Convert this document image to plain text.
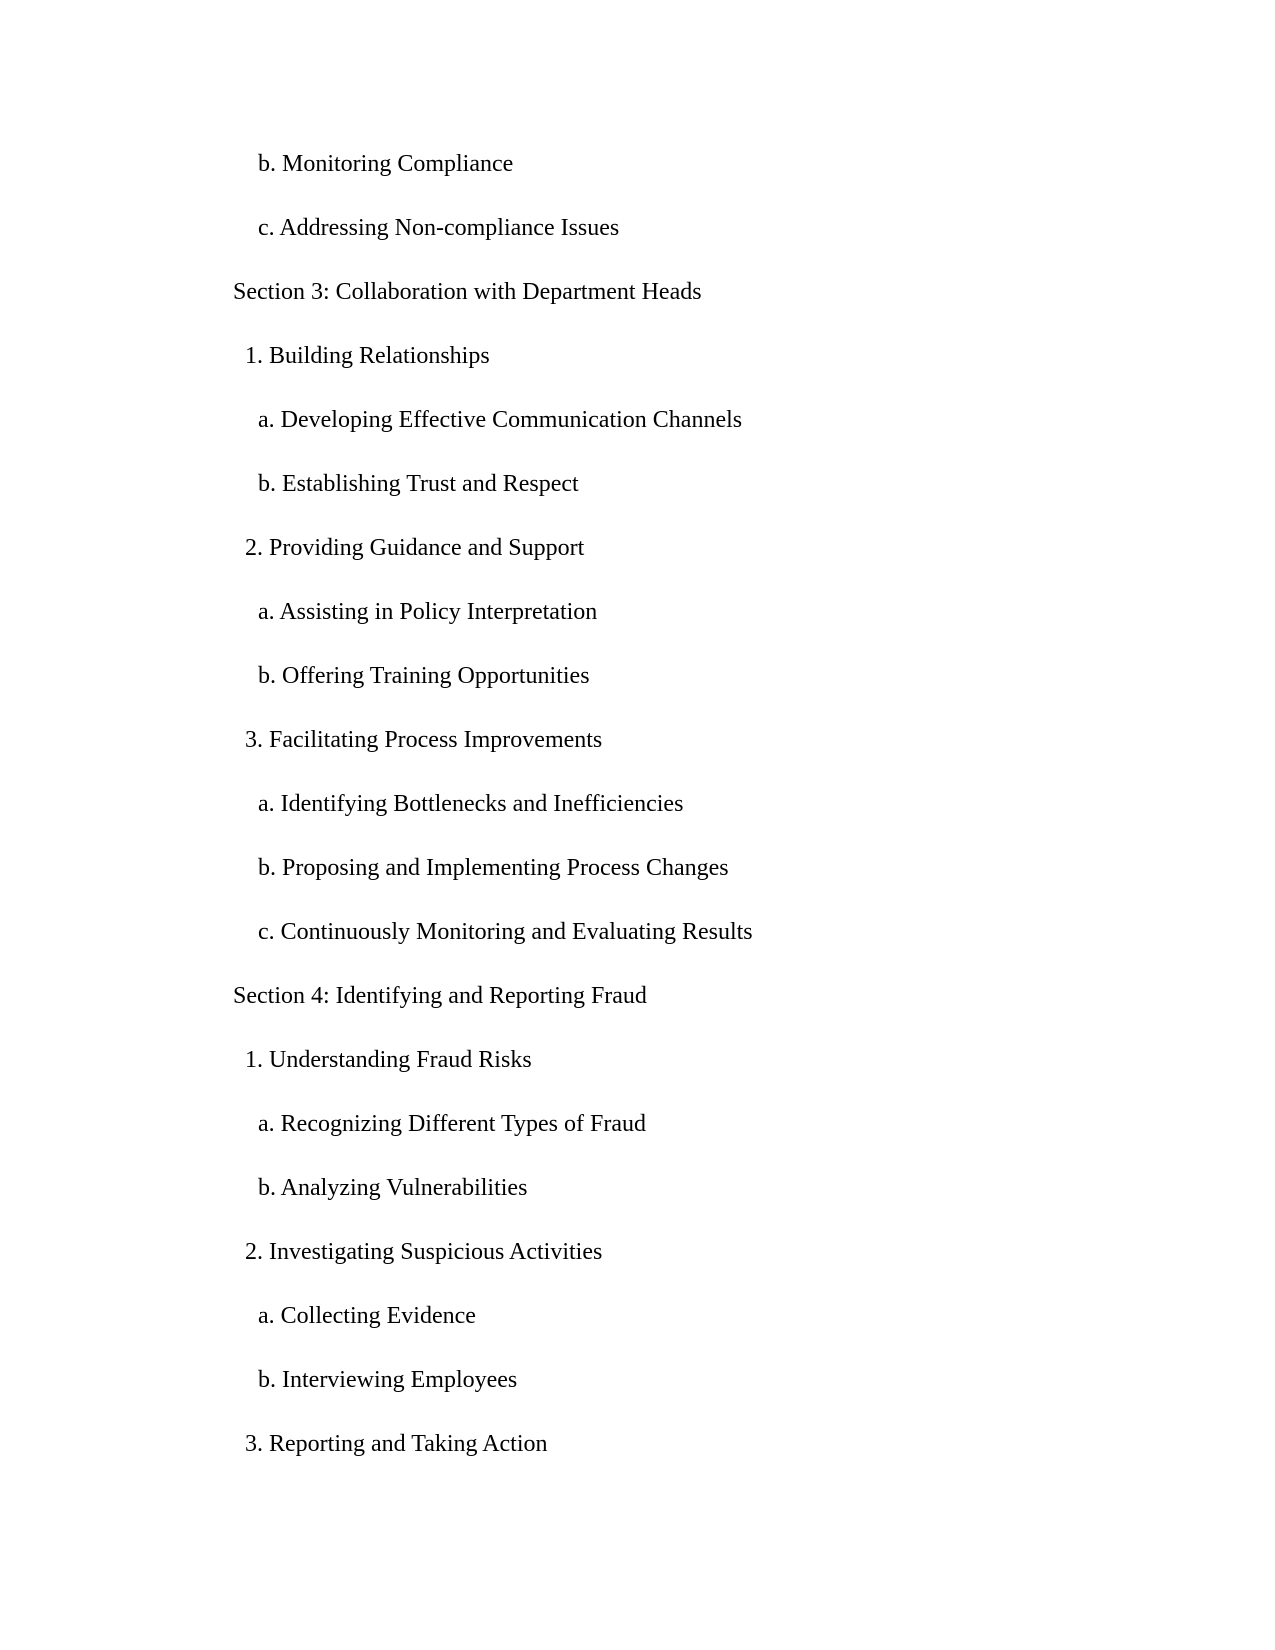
b. Monitoring Compliance
c. Addressing Non-compliance Issues
Section 3: Collaboration with Department Heads
1. Building Relationships
a. Developing Effective Communication Channels
b. Establishing Trust and Respect
2. Providing Guidance and Support
a. Assisting in Policy Interpretation
b. Offering Training Opportunities
3. Facilitating Process Improvements
a. Identifying Bottlenecks and Inefficiencies
b. Proposing and Implementing Process Changes
c. Continuously Monitoring and Evaluating Results
Section 4: Identifying and Reporting Fraud
1. Understanding Fraud Risks
a. Recognizing Different Types of Fraud
b. Analyzing Vulnerabilities
2. Investigating Suspicious Activities
a. Collecting Evidence
b. Interviewing Employees
3. Reporting and Taking Action
